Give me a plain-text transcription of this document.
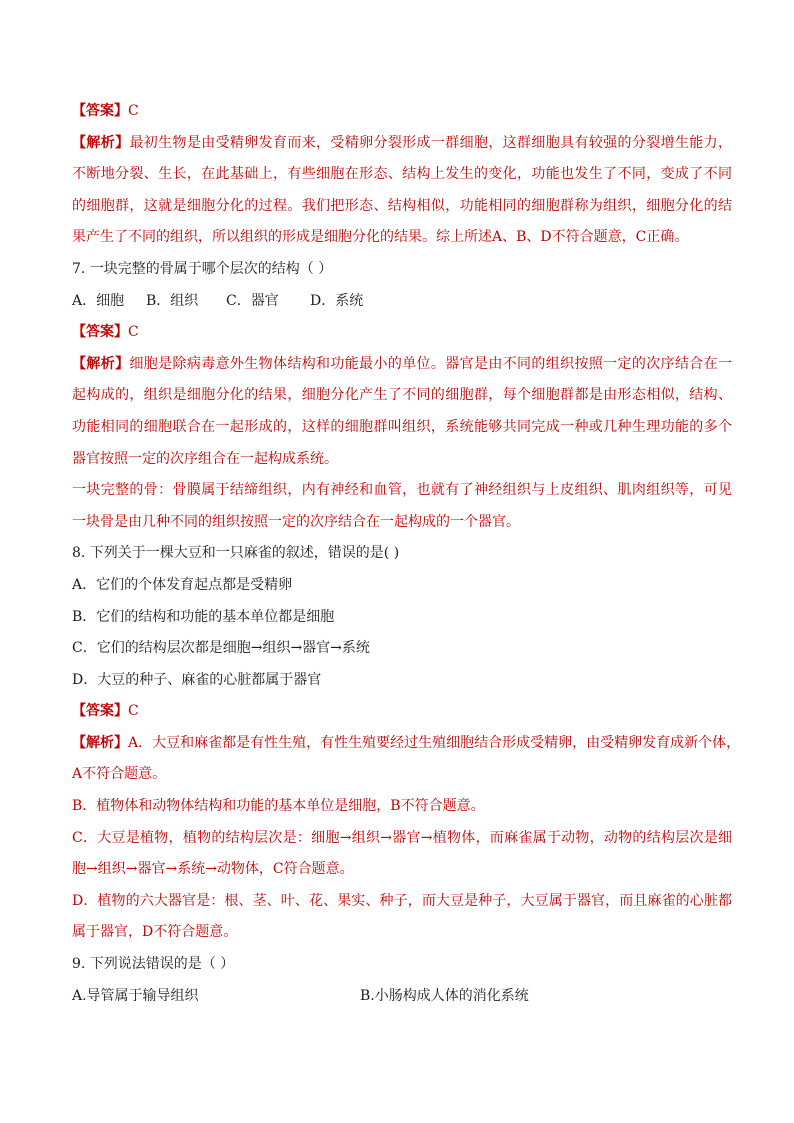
【答案】C
【解析】最初生物是由受精卵发育而来，受精卵分裂形成一群细胞，这群细胞具有较强的分裂增生能力，
不断地分裂、生长，在此基础上，有些细胞在形态、结构上发生的变化，功能也发生了不同，变成了不同
的细胞群，这就是细胞分化的过程。我们把形态、结构相似，功能相同的细胞群称为组织，细胞分化的结
果产生了不同的组织，所以组织的形成是细胞分化的结果。综上所述A、B、D不符合题意，C正确。
7. 一块完整的骨属于哪个层次的结构（ ）
A．细胞 B．组织 C．器官 D．系统
【答案】C
【解析】细胞是除病毒意外生物体结构和功能最小的单位。器官是由不同的组织按照一定的次序结合在一
起构成的，组织是细胞分化的结果，细胞分化产生了不同的细胞群，每个细胞群都是由形态相似，结构、
功能相同的细胞联合在一起形成的，这样的细胞群叫组织，系统能够共同完成一种或几种生理功能的多个
器官按照一定的次序组合在一起构成系统。
一块完整的骨：骨膜属于结缔组织，内有神经和血管，也就有了神经组织与上皮组织、肌肉组织等，可见
一块骨是由几种不同的组织按照一定的次序结合在一起构成的一个器官。
8. 下列关于一棵大豆和一只麻雀的叙述，错误的是( )
A．它们的个体发育起点都是受精卵
B．它们的结构和功能的基本单位都是细胞
C．它们的结构层次都是细胞→组织→器官→系统
D．大豆的种子、麻雀的心脏都属于器官
【答案】C
【解析】A．大豆和麻雀都是有性生殖，有性生殖要经过生殖细胞结合形成受精卵，由受精卵发育成新个体，
A不符合题意。
B．植物体和动物体结构和功能的基本单位是细胞，B不符合题意。
C．大豆是植物，植物的结构层次是：细胞→组织→器官→植物体，而麻雀属于动物，动物的结构层次是细
胞→组织→器官→系统→动物体，C符合题意。
D．植物的六大器官是：根、茎、叶、花、果实、种子，而大豆是种子，大豆属于器官，而且麻雀的心脏都
属于器官，D不符合题意。
9. 下列说法错误的是（ ）
A.导管属于输导组织	B.小肠构成人体的消化系统
